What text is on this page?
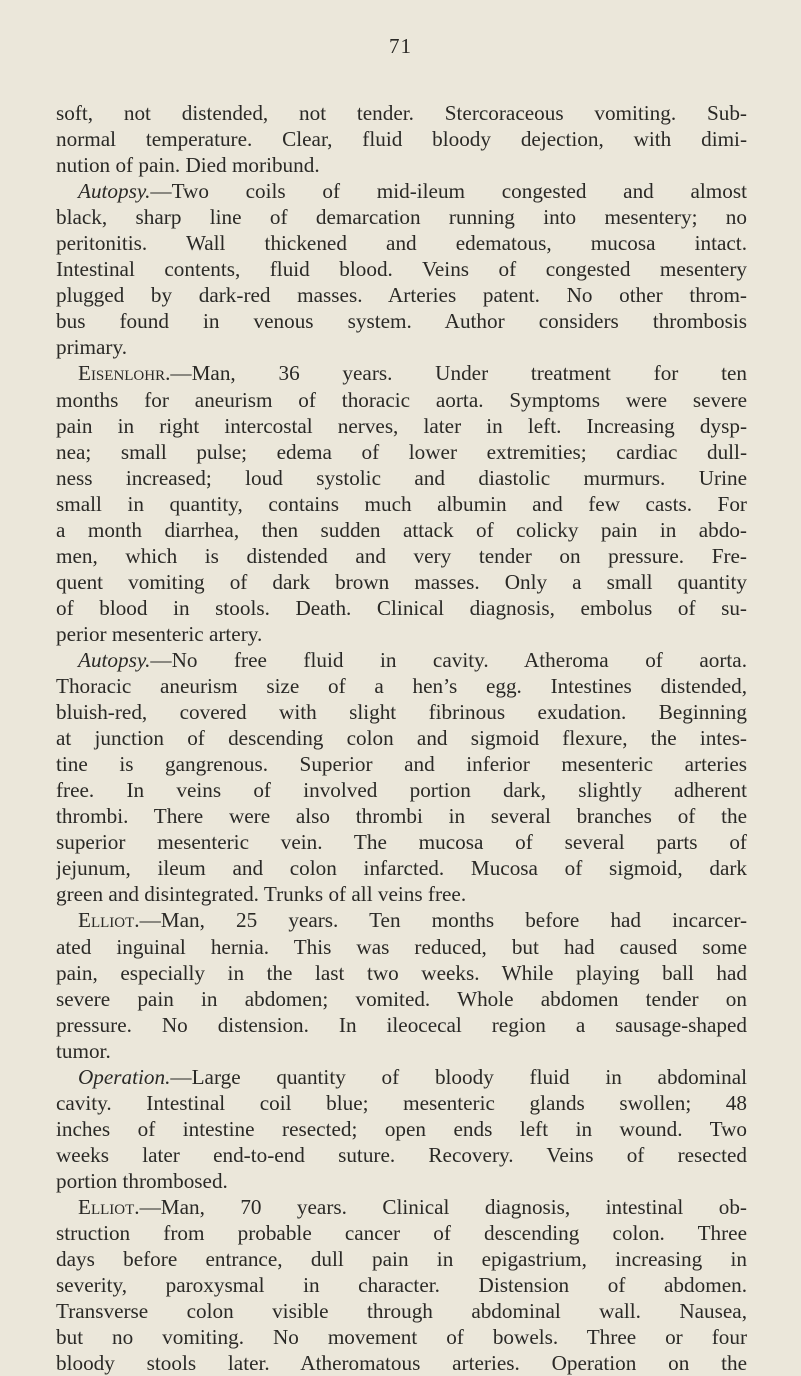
71
soft, not distended, not tender. Stercoraceous vomiting. Sub-
normal temperature. Clear, fluid bloody dejection, with dimi-
nution of pain. Died moribund.
Autopsy.—Two coils of mid-ileum congested and almost
black, sharp line of demarcation running into mesentery; no
peritonitis. Wall thickened and edematous, mucosa intact.
Intestinal contents, fluid blood. Veins of congested mesentery
plugged by dark-red masses. Arteries patent. No other throm-
bus found in venous system. Author considers thrombosis
primary.
Eisenlohr.—Man, 36 years. Under treatment for ten
months for aneurism of thoracic aorta. Symptoms were severe
pain in right intercostal nerves, later in left. Increasing dysp-
nea; small pulse; edema of lower extremities; cardiac dull-
ness increased; loud systolic and diastolic murmurs. Urine
small in quantity, contains much albumin and few casts. For
a month diarrhea, then sudden attack of colicky pain in abdo-
men, which is distended and very tender on pressure. Fre-
quent vomiting of dark brown masses. Only a small quantity
of blood in stools. Death. Clinical diagnosis, embolus of su-
perior mesenteric artery.
Autopsy.—No free fluid in cavity. Atheroma of aorta.
Thoracic aneurism size of a hen’s egg. Intestines distended,
bluish-red, covered with slight fibrinous exudation. Beginning
at junction of descending colon and sigmoid flexure, the intes-
tine is gangrenous. Superior and inferior mesenteric arteries
free. In veins of involved portion dark, slightly adherent
thrombi. There were also thrombi in several branches of the
superior mesenteric vein. The mucosa of several parts of
jejunum, ileum and colon infarcted. Mucosa of sigmoid, dark
green and disintegrated. Trunks of all veins free.
Elliot.—Man, 25 years. Ten months before had incarcer-
ated inguinal hernia. This was reduced, but had caused some
pain, especially in the last two weeks. While playing ball had
severe pain in abdomen; vomited. Whole abdomen tender on
pressure. No distension. In ileocecal region a sausage-shaped
tumor.
Operation.—Large quantity of bloody fluid in abdominal
cavity. Intestinal coil blue; mesenteric glands swollen; 48
inches of intestine resected; open ends left in wound. Two
weeks later end-to-end suture. Recovery. Veins of resected
portion thrombosed.
Elliot.—Man, 70 years. Clinical diagnosis, intestinal ob-
struction from probable cancer of descending colon. Three
days before entrance, dull pain in epigastrium, increasing in
severity, paroxysmal in character. Distension of abdomen.
Transverse colon visible through abdominal wall. Nausea,
but no vomiting. No movement of bowels. Three or four
bloody stools later. Atheromatous arteries. Operation on the
